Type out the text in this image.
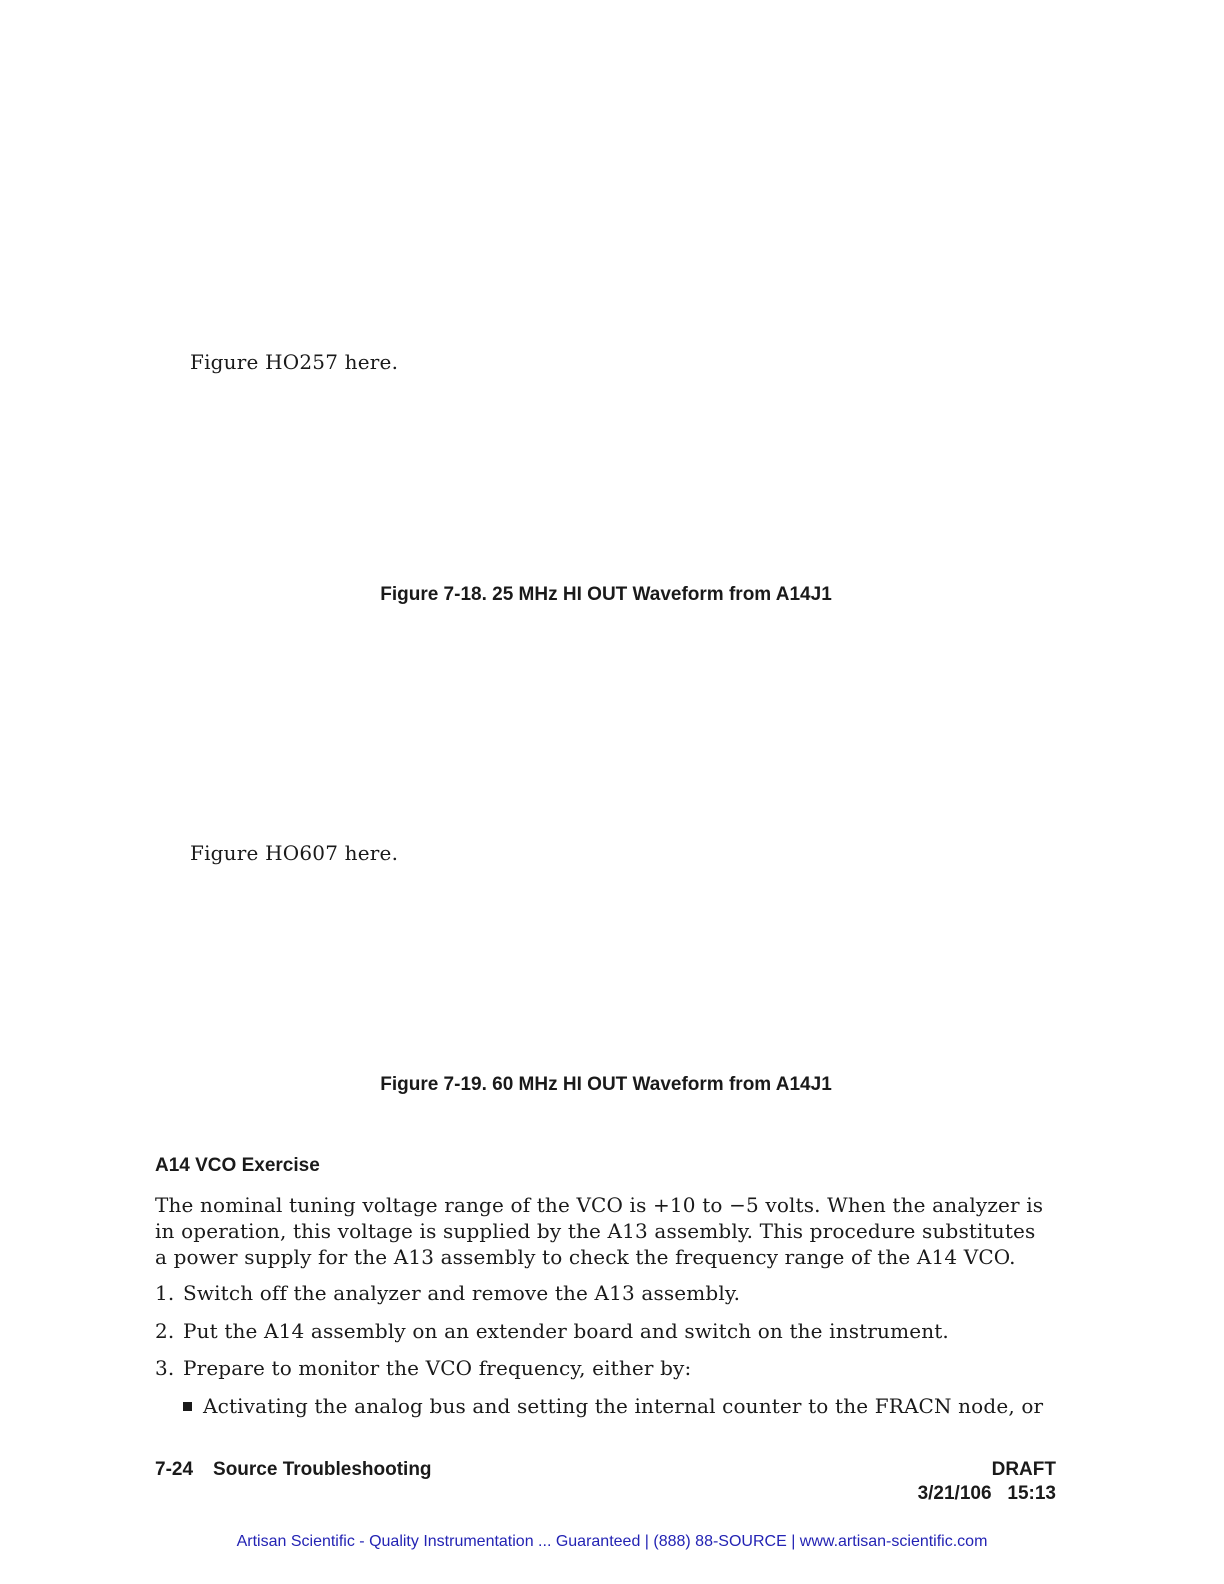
Figure HO257 here.
Figure 7-18. 25 MHz HI OUT Waveform from A14J1
Figure HO607 here.
Figure 7-19. 60 MHz HI OUT Waveform from A14J1
A14 VCO Exercise
The nominal tuning voltage range of the VCO is +10 to −5 volts. When the analyzer is in operation, this voltage is supplied by the A13 assembly. This procedure substitutes a power supply for the A13 assembly to check the frequency range of the A14 VCO.
1. Switch off the analyzer and remove the A13 assembly.
2. Put the A14 assembly on an extender board and switch on the instrument.
3. Prepare to monitor the VCO frequency, either by:
Activating the analog bus and setting the internal counter to the FRACN node, or
7-24 Source Troubleshooting	DRAFT
3/21/106 15:13
Artisan Scientific - Quality Instrumentation ... Guaranteed | (888) 88-SOURCE | www.artisan-scientific.com
